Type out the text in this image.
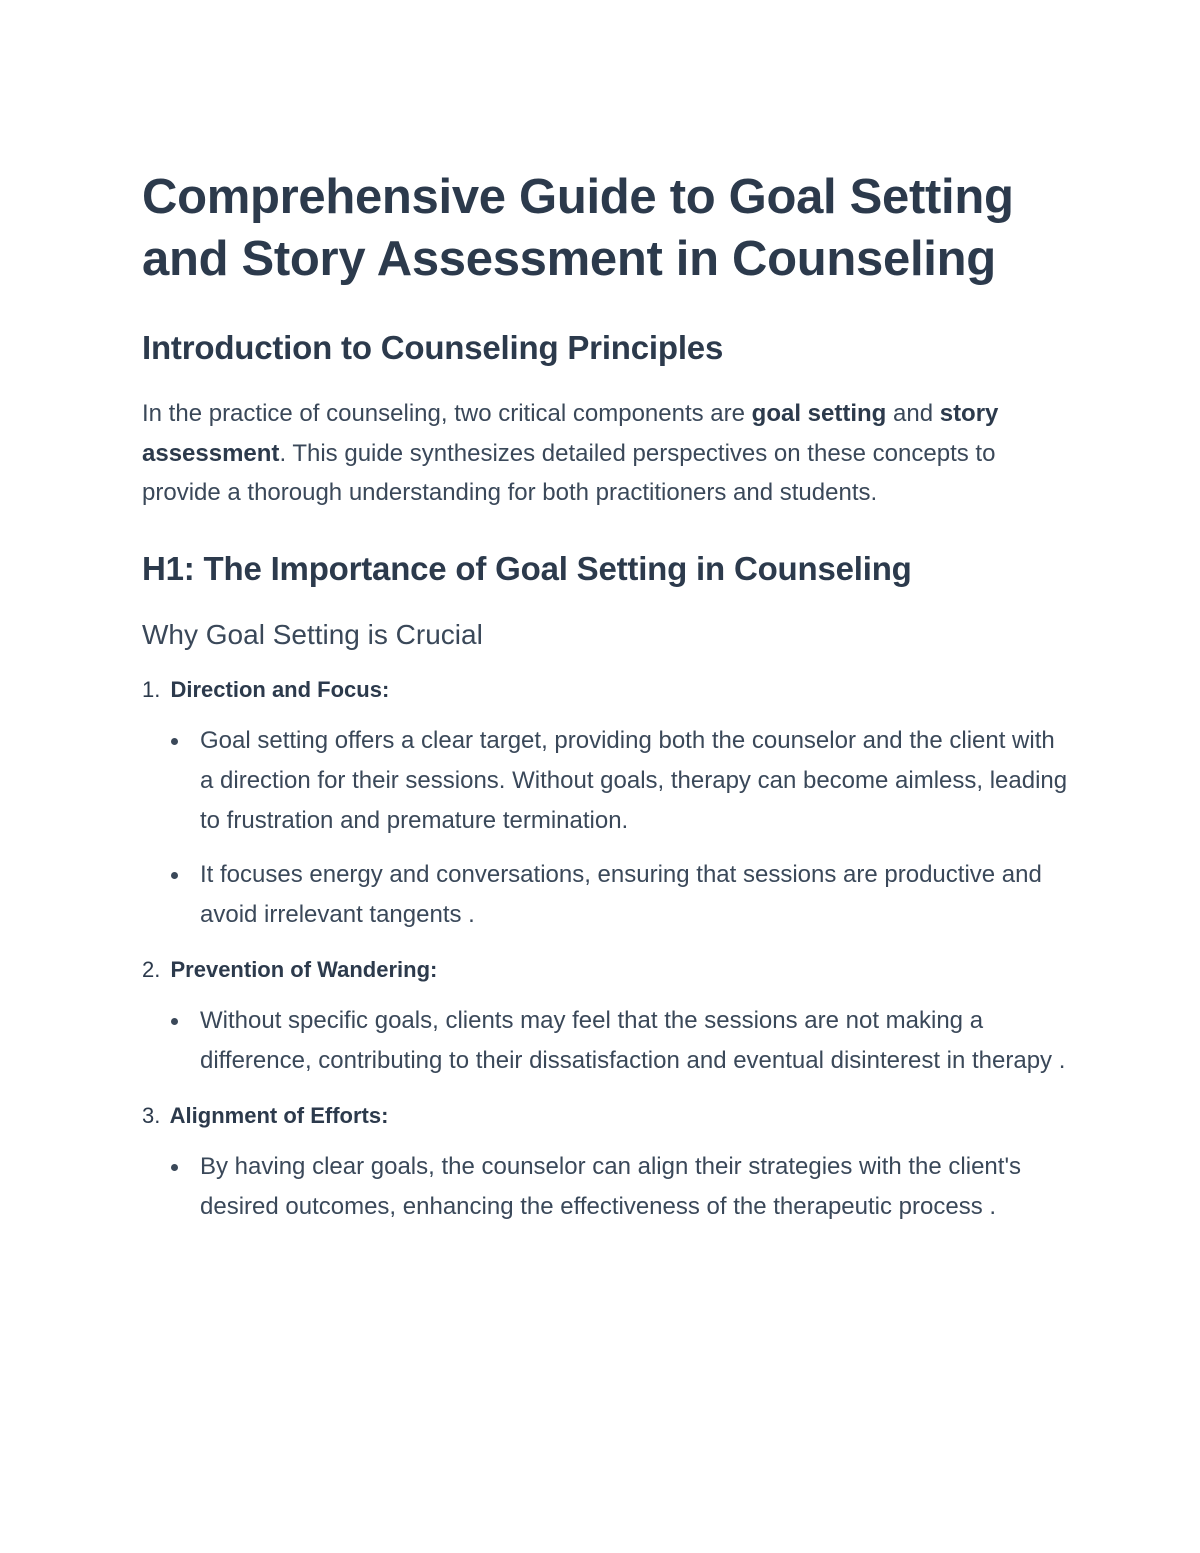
Comprehensive Guide to Goal Setting and Story Assessment in Counseling
Introduction to Counseling Principles

In the practice of counseling, two critical components are goal setting and story assessment. This guide synthesizes detailed perspectives on these concepts to provide a thorough understanding for both practitioners and students.

H1: The Importance of Goal Setting in Counseling
Why Goal Setting is Crucial
1. Direction and Focus:
Goal setting offers a clear target, providing both the counselor and the client with a direction for their sessions. Without goals, therapy can become aimless, leading to frustration and premature termination.
It focuses energy and conversations, ensuring that sessions are productive and avoid irrelevant tangents .
2. Prevention of Wandering:
Without specific goals, clients may feel that the sessions are not making a difference, contributing to their dissatisfaction and eventual disinterest in therapy .
3. Alignment of Efforts:
By having clear goals, the counselor can align their strategies with the client's desired outcomes, enhancing the effectiveness of the therapeutic process .
